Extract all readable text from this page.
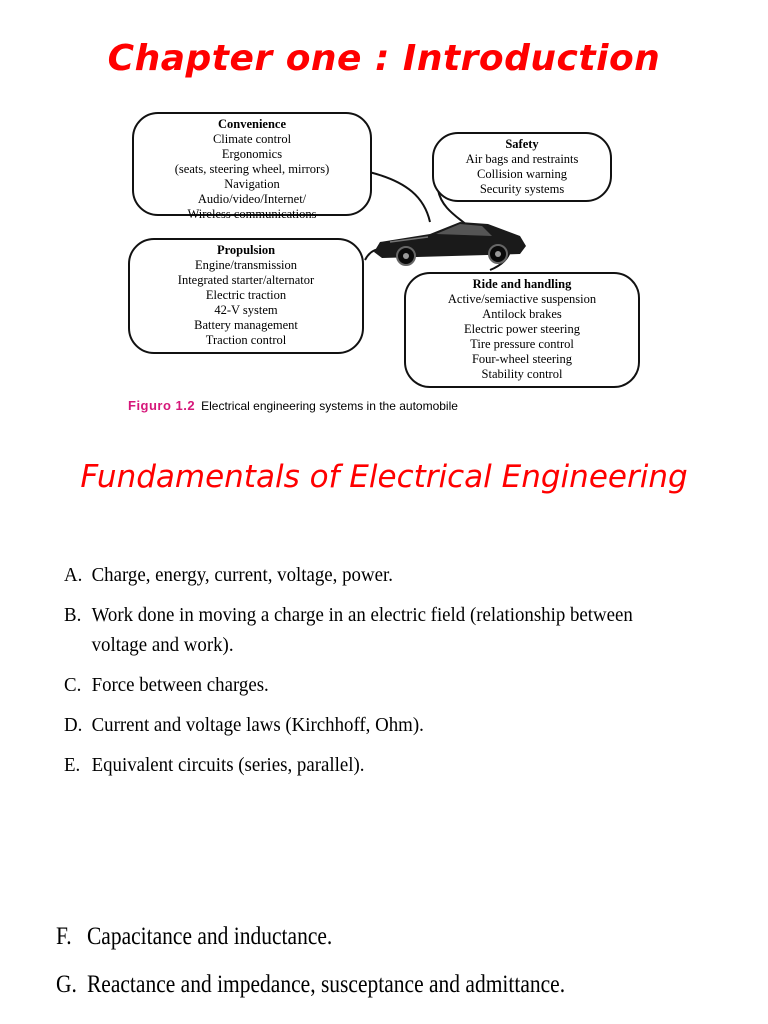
Chapter one : Introduction
Convenience
Climate control
Ergonomics
(seats, steering wheel, mirrors)
Navigation
Audio/video/Internet/
Wireless communications
Safety
Air bags and restraints
Collision warning
Security systems
Propulsion
Engine/transmission
Integrated starter/alternator
Electric traction
42-V system
Battery management
Traction control
Ride and handling
Active/semiactive suspension
Antilock brakes
Electric power steering
Tire pressure control
Four-wheel steering
Stability control
Figuro 1.2 Electrical engineering systems in the automobile
Fundamentals of Electrical Engineering
A. Charge, energy, current, voltage, power.
B. Work done in moving a charge in an electric field (relationship between voltage and work).
C. Force between charges.
D. Current and voltage laws (Kirchhoff, Ohm).
E. Equivalent circuits (series, parallel).
F. Capacitance and inductance.
G. Reactance and impedance, susceptance and admittance.
